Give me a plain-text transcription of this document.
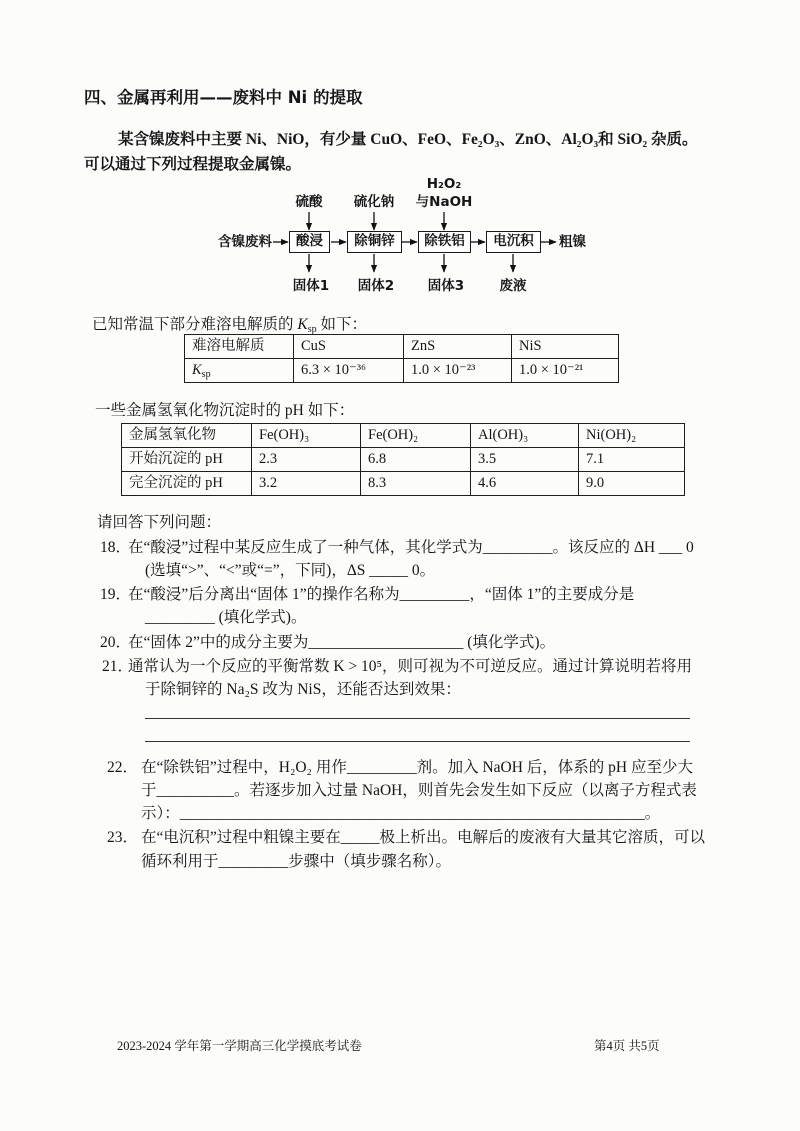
四、金属再利用——废料中 Ni 的提取
某含镍废料中主要 Ni、NiO，有少量 CuO、FeO、Fe₂O₃、ZnO、Al₂O₃和 SiO₂ 杂质。
可以通过下列过程提取金属镍。
含镍废料	粗镍
酸浸	除铜锌	除铁铝	电沉积
硫酸	硫化钠
H₂O₂
与NaOH
固体1	固体2	固体3	废液
已知常温下部分难溶电解质的 $K_{sp}$ 如下：
难溶电解质	CuS	ZnS	NiS
$K_{sp}$	6.3 × 10⁻³⁶	1.0 × 10⁻²³	1.0 × 10⁻²¹
一些金属氢氧化物沉淀时的 pH 如下：
金属氢氧化物	Fe(OH)₃	Fe(OH)₂	Al(OH)₃	Ni(OH)₂
开始沉淀的 pH	2.3	6.8	3.5	7.1
完全沉淀的 pH	3.2	8.3	4.6	9.0
请回答下列问题：
18．
在“酸浸”过程中某反应生成了一种气体，其化学式为_________。该反应的 ΔH ___ 0
(选填“>”、“<”或“=”，下同)，ΔS _____ 0。
19．
在“酸浸”后分离出“固体 1”的操作名称为_________，“固体 1”的主要成分是
_________ (填化学式)。
20．
在“固体 2”中的成分主要为____________________ (填化学式)。
21．
通常认为一个反应的平衡常数 K > 10⁵，则可视为不可逆反应。通过计算说明若将用
于除铜锌的 Na₂S 改为 NiS，还能否达到效果：
22． 在“除铁铝”过程中，H₂O₂ 用作_________剂。加入 NaOH 后，体系的 pH 应至少大
于__________。若逐步加入过量 NaOH，则首先会发生如下反应（以离子方程式表
示）：____________________________________________________________。
23． 在“电沉积”过程中粗镍主要在_____极上析出。电解后的废液有大量其它溶质，可以
循环利用于_________步骤中（填步骤名称）。
2023-2024 学年第一学期高三化学摸底考试卷	第4页 共5页
